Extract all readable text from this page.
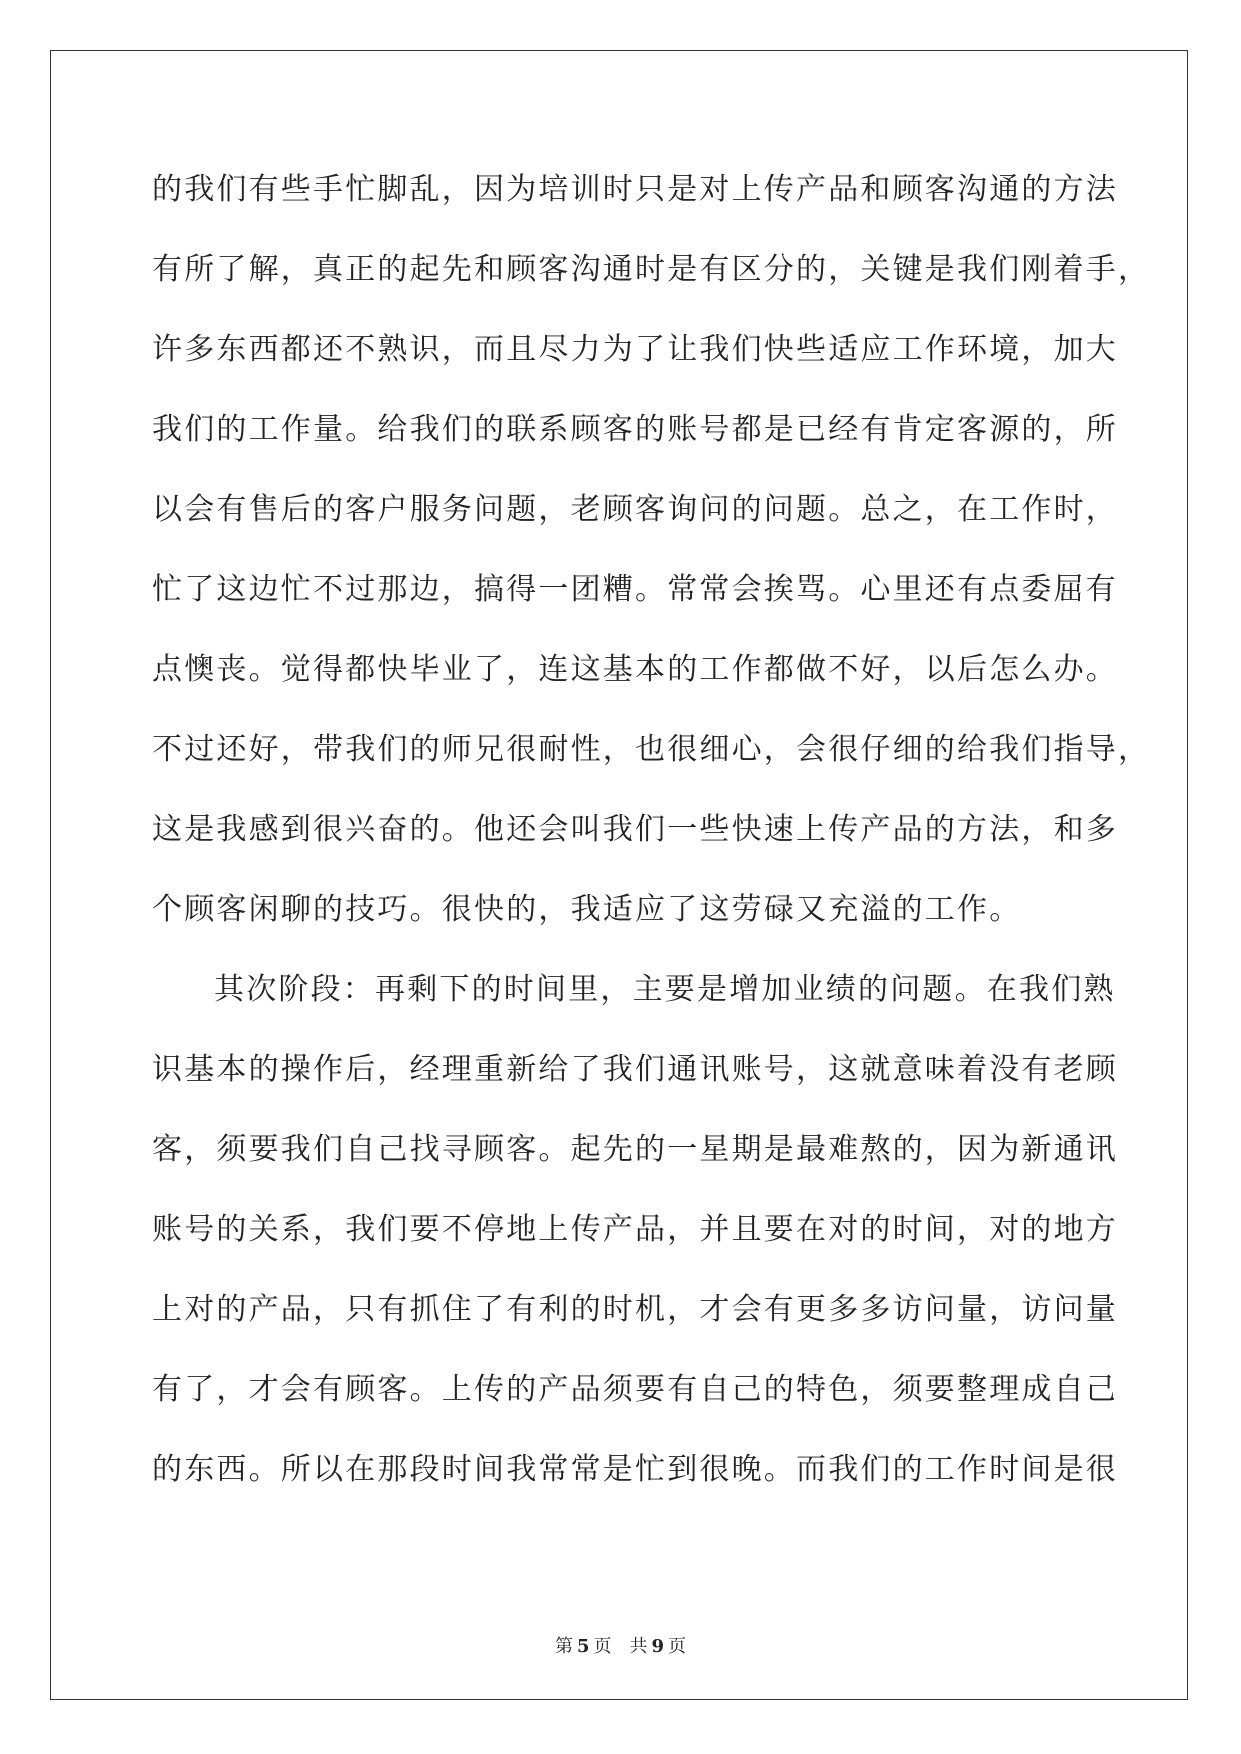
的我们有些手忙脚乱，因为培训时只是对上传产品和顾客沟通的方法
有所了解，真正的起先和顾客沟通时是有区分的，关键是我们刚着手，
许多东西都还不熟识，而且尽力为了让我们快些适应工作环境，加大
我们的工作量。给我们的联系顾客的账号都是已经有肯定客源的，所
以会有售后的客户服务问题，老顾客询问的问题。总之，在工作时，
忙了这边忙不过那边，搞得一团糟。常常会挨骂。心里还有点委屈有
点懊丧。觉得都快毕业了，连这基本的工作都做不好，以后怎么办。
不过还好，带我们的师兄很耐性，也很细心，会很仔细的给我们指导，
这是我感到很兴奋的。他还会叫我们一些快速上传产品的方法，和多
个顾客闲聊的技巧。很快的，我适应了这劳碌又充溢的工作。
其次阶段：再剩下的时间里，主要是增加业绩的问题。在我们熟
识基本的操作后，经理重新给了我们通讯账号，这就意味着没有老顾
客，须要我们自己找寻顾客。起先的一星期是最难熬的，因为新通讯
账号的关系，我们要不停地上传产品，并且要在对的时间，对的地方
上对的产品，只有抓住了有利的时机，才会有更多多访问量，访问量
有了，才会有顾客。上传的产品须要有自己的特色，须要整理成自己
的东西。所以在那段时间我常常是忙到很晚。而我们的工作时间是很
第 5 页 共 9 页
